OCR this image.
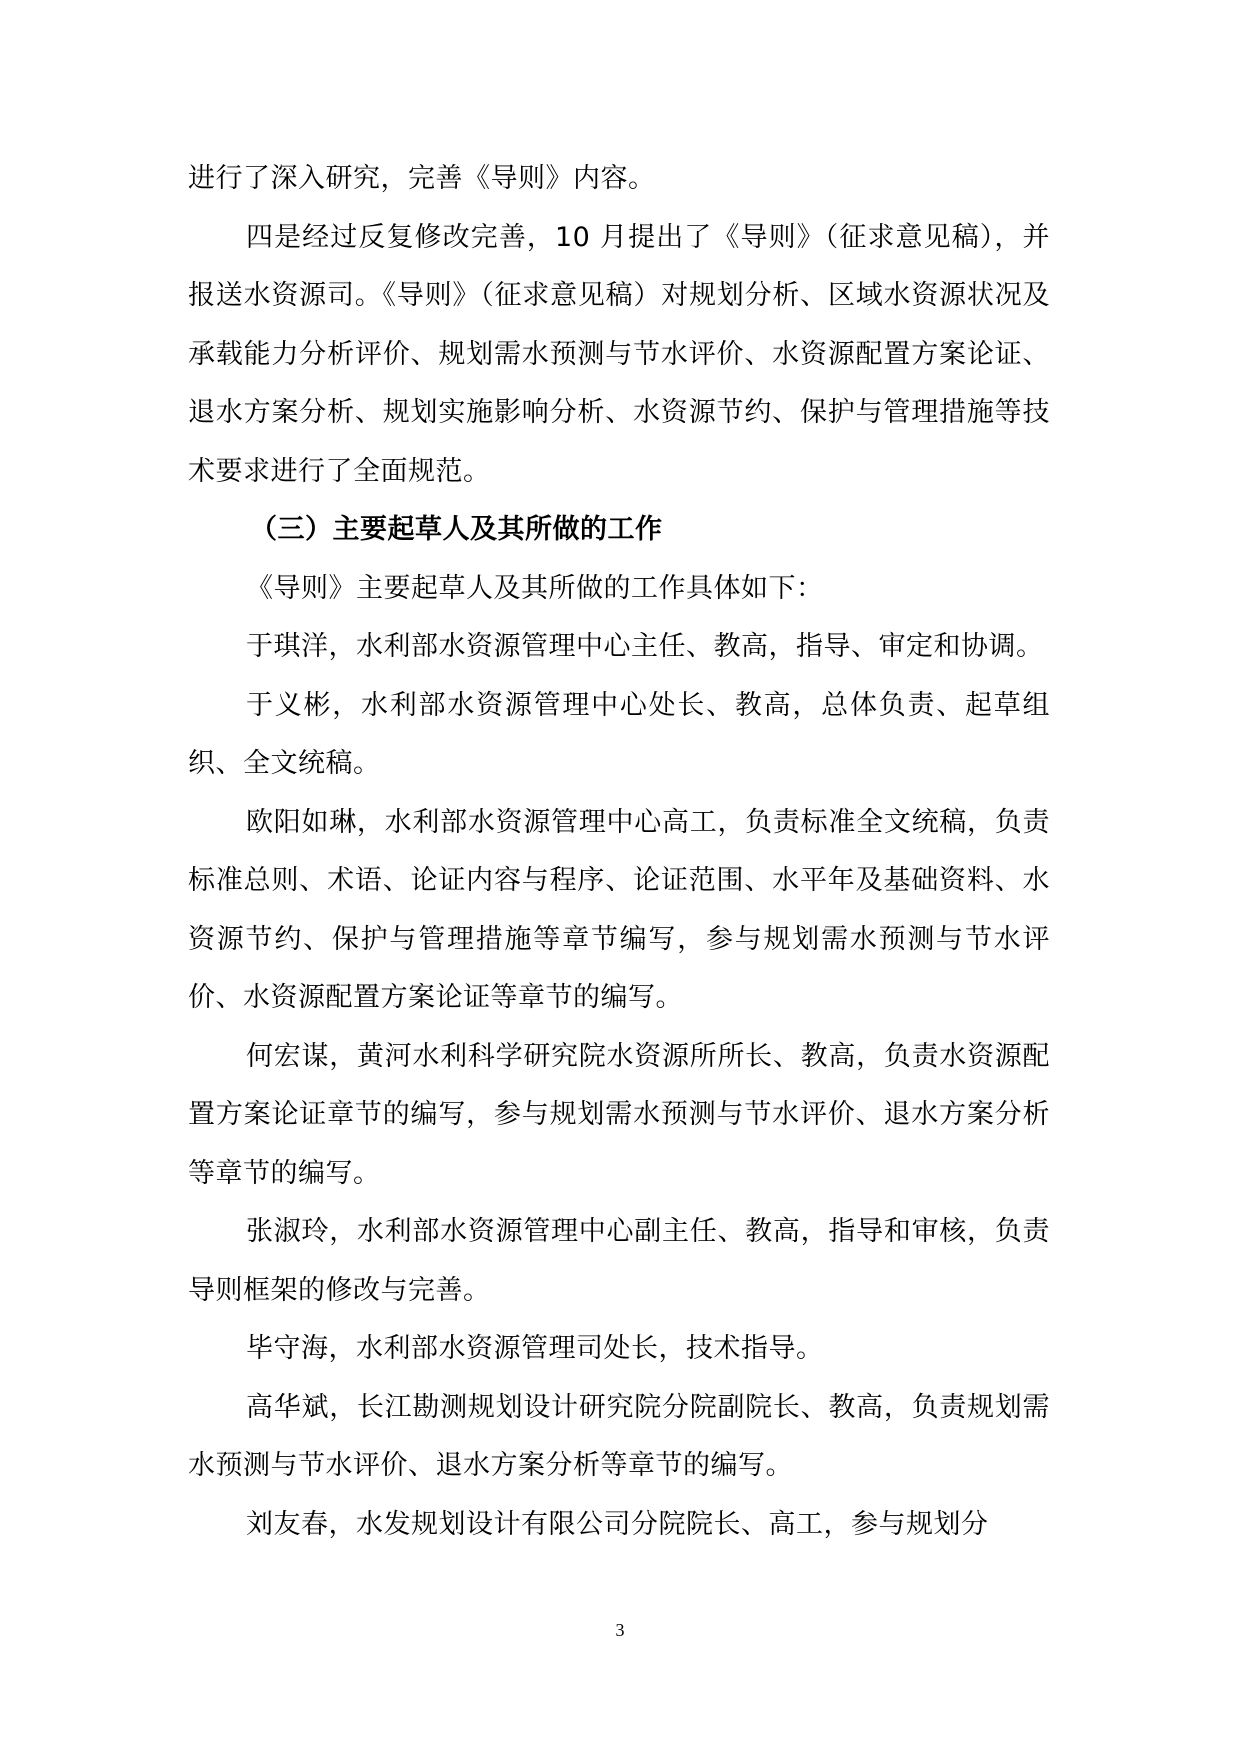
进行了深入研究，完善《导则》内容。

四是经过反复修改完善，10 月提出了《导则》（征求意见稿），并报送水资源司。《导则》（征求意见稿）对规划分析、区域水资源状况及承载能力分析评价、规划需水预测与节水评价、水资源配置方案论证、退水方案分析、规划实施影响分析、水资源节约、保护与管理措施等技术要求进行了全面规范。

（三）主要起草人及其所做的工作

《导则》主要起草人及其所做的工作具体如下：

于琪洋，水利部水资源管理中心主任、教高，指导、审定和协调。

于义彬，水利部水资源管理中心处长、教高，总体负责、起草组织、全文统稿。

欧阳如琳，水利部水资源管理中心高工，负责标准全文统稿，负责标准总则、术语、论证内容与程序、论证范围、水平年及基础资料、水资源节约、保护与管理措施等章节编写，参与规划需水预测与节水评价、水资源配置方案论证等章节的编写。

何宏谋，黄河水利科学研究院水资源所所长、教高，负责水资源配置方案论证章节的编写，参与规划需水预测与节水评价、退水方案分析等章节的编写。

张淑玲，水利部水资源管理中心副主任、教高，指导和审核，负责导则框架的修改与完善。

毕守海，水利部水资源管理司处长，技术指导。

高华斌，长江勘测规划设计研究院分院副院长、教高，负责规划需水预测与节水评价、退水方案分析等章节的编写。

刘友春，水发规划设计有限公司分院院长、高工，参与规划分

3
